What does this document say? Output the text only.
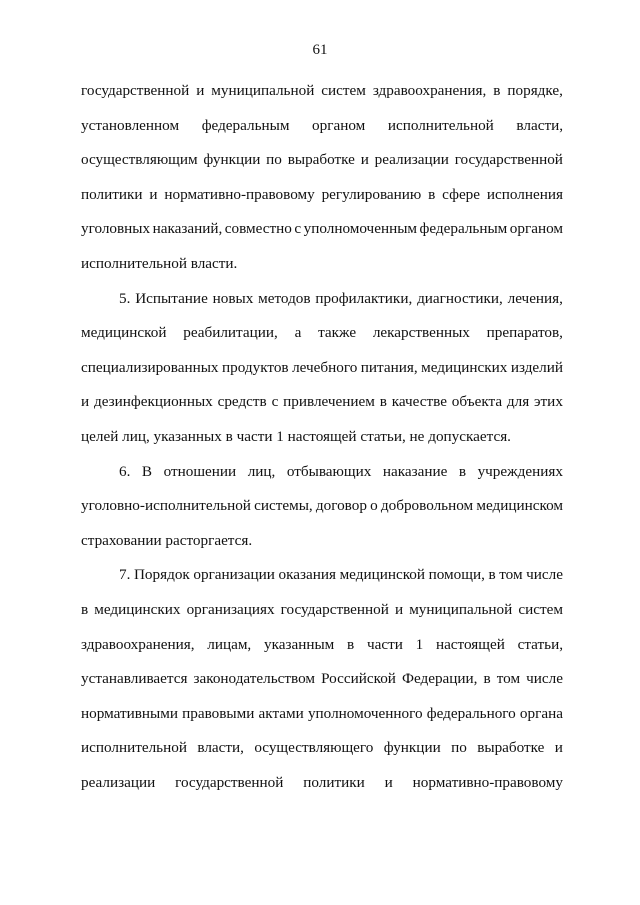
61
государственной и муниципальной систем здравоохранения, в порядке,
установленном федеральным органом исполнительной власти,
осуществляющим функции по выработке и реализации государственной
политики и нормативно-правовому регулированию в сфере исполнения
уголовных наказаний, совместно с уполномоченным федеральным органом
исполнительной власти.
5. Испытание новых методов профилактики, диагностики, лечения,
медицинской реабилитации, а также лекарственных препаратов,
специализированных продуктов лечебного питания, медицинских изделий
и дезинфекционных средств с привлечением в качестве объекта для этих
целей лиц, указанных в части 1 настоящей статьи, не допускается.
6. В отношении лиц, отбывающих наказание в учреждениях
уголовно-исполнительной системы, договор о добровольном медицинском
страховании расторгается.
7. Порядок организации оказания медицинской помощи, в том числе
в медицинских организациях государственной и муниципальной систем
здравоохранения, лицам, указанным в части 1 настоящей статьи,
устанавливается законодательством Российской Федерации, в том числе
нормативными правовыми актами уполномоченного федерального органа
исполнительной власти, осуществляющего функции по выработке и
реализации государственной политики и нормативно-правовому
